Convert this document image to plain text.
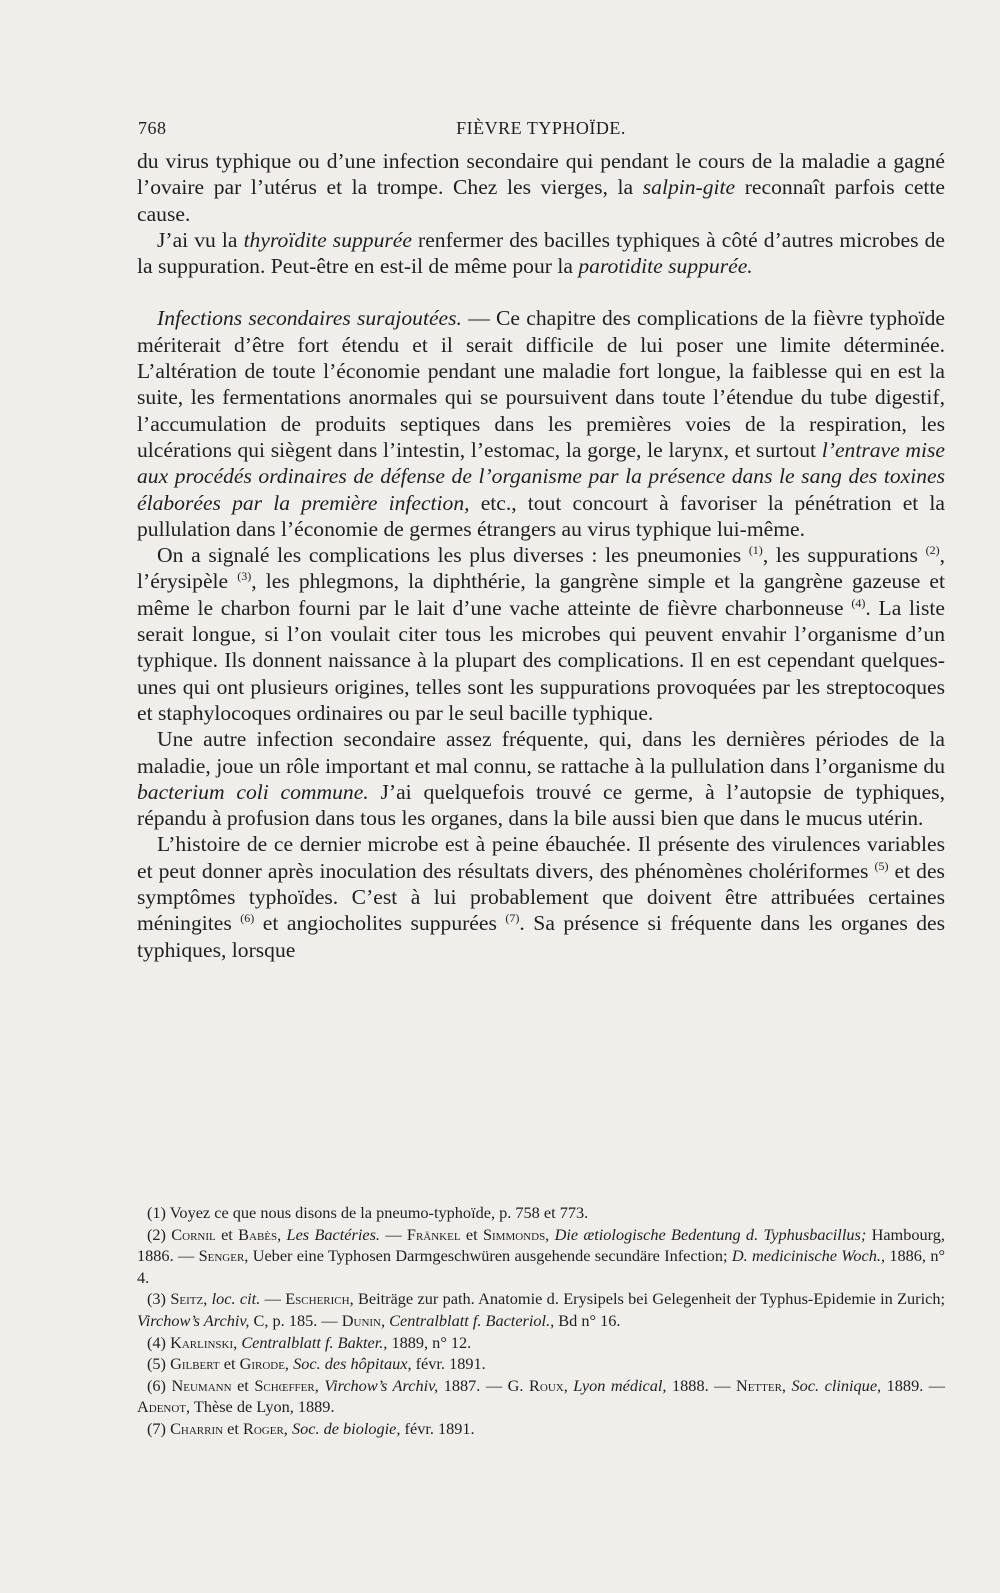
768	FIÈVRE TYPHOÏDE.

du virus typhique ou d’une infection secondaire qui pendant le cours de la maladie a gagné l’ovaire par l’utérus et la trompe. Chez les vierges, la salpin-gite reconnaît parfois cette cause.

J’ai vu la thyroïdite suppurée renfermer des bacilles typhiques à côté d’autres microbes de la suppuration. Peut-être en est-il de même pour la parotidite suppurée.

Infections secondaires surajoutées. — Ce chapitre des complications de la fièvre typhoïde mériterait d’être fort étendu et il serait difficile de lui poser une limite déterminée. L’altération de toute l’économie pendant une maladie fort longue, la faiblesse qui en est la suite, les fermentations anormales qui se poursuivent dans toute l’étendue du tube digestif, l’accumulation de produits septiques dans les premières voies de la respiration, les ulcérations qui siègent dans l’intestin, l’estomac, la gorge, le larynx, et surtout l’entrave mise aux procédés ordinaires de défense de l’organisme par la présence dans le sang des toxines élaborées par la première infection, etc., tout concourt à favoriser la pénétration et la pullulation dans l’économie de germes étrangers au virus typhique lui-même.

On a signalé les complications les plus diverses : les pneumonies $^{(1)}$, les suppurations $^{(2)}$, l’érysipèle $^{(3)}$, les phlegmons, la diphthérie, la gangrène simple et la gangrène gazeuse et même le charbon fourni par le lait d’une vache atteinte de fièvre charbonneuse $^{(4)}$. La liste serait longue, si l’on voulait citer tous les microbes qui peuvent envahir l’organisme d’un typhique. Ils donnent naissance à la plupart des complications. Il en est cependant quelques-unes qui ont plusieurs origines, telles sont les suppurations provoquées par les streptocoques et staphylocoques ordinaires ou par le seul bacille typhique.

Une autre infection secondaire assez fréquente, qui, dans les dernières périodes de la maladie, joue un rôle important et mal connu, se rattache à la pullulation dans l’organisme du bacterium coli commune. J’ai quelquefois trouvé ce germe, à l’autopsie de typhiques, répandu à profusion dans tous les organes, dans la bile aussi bien que dans le mucus utérin.

L’histoire de ce dernier microbe est à peine ébauchée. Il présente des virulences variables et peut donner après inoculation des résultats divers, des phénomènes cholériformes $^{(5)}$ et des symptômes typhoïdes. C’est à lui probablement que doivent être attribuées certaines méningites $^{(6)}$ et angiocholites suppurées $^{(7)}$. Sa présence si fréquente dans les organes des typhiques, lorsque

(1) Voyez ce que nous disons de la pneumo-typhoïde, p. 758 et 773.

(2) Cornil et Babès, Les Bactéries. — Fränkel et Simmonds, Die ætiologische Bedentung d. Typhusbacillus; Hambourg, 1886. — Senger, Ueber eine Typhosen Darmgeschwüren ausgehende secundäre Infection; D. medicinische Woch., 1886, n° 4.

(3) Seitz, loc. cit. — Escherich, Beiträge zur path. Anatomie d. Erysipels bei Gelegenheit der Typhus-Epidemie in Zurich; Virchow’s Archiv, C, p. 185. — Dunin, Centralblatt f. Bacteriol., Bd n° 16.

(4) Karlinski, Centralblatt f. Bakter., 1889, n° 12.

(5) Gilbert et Girode, Soc. des hôpitaux, févr. 1891.

(6) Neumann et Schœffer, Virchow’s Archiv, 1887. — G. Roux, Lyon médical, 1888. — Netter, Soc. clinique, 1889. — Adenot, Thèse de Lyon, 1889.

(7) Charrin et Roger, Soc. de biologie, févr. 1891.
